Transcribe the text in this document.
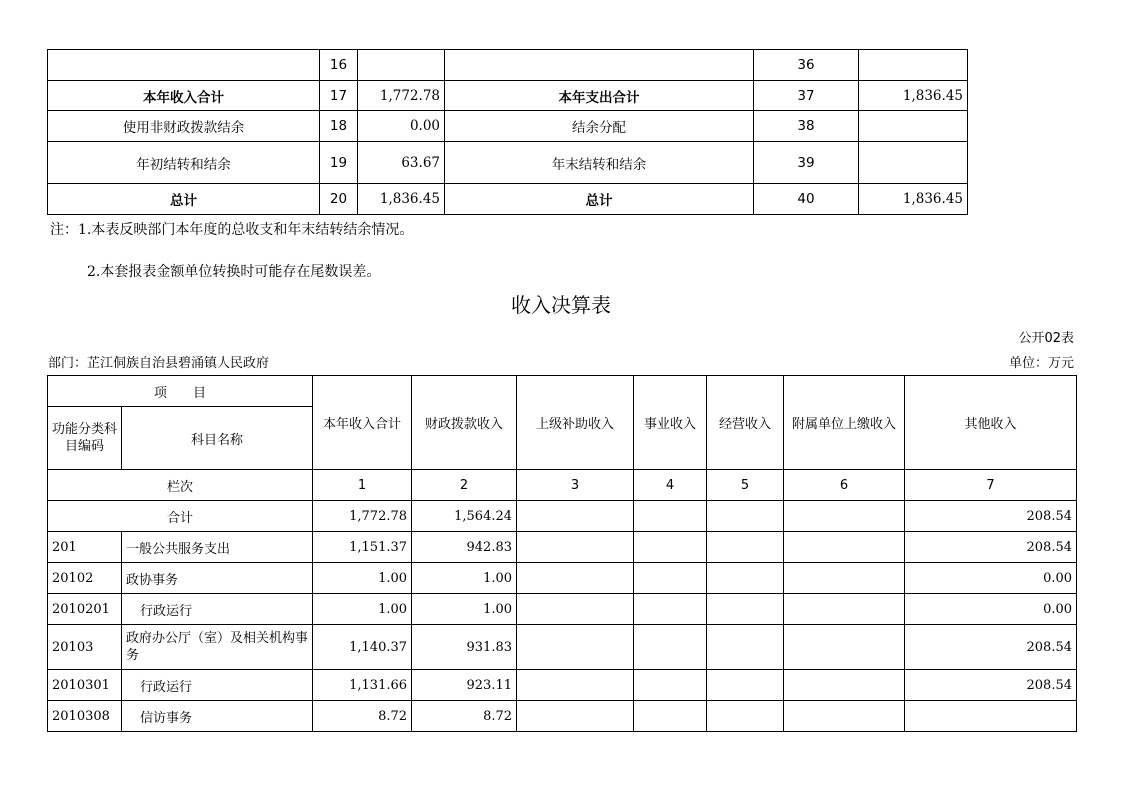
	16			36	
本年收入合计	17	1,772.78	本年支出合计	37	1,836.45
使用非财政拨款结余	18	0.00	结余分配	38	
年初结转和结余	19	63.67	年末结转和结余	39	
总计	20	1,836.45	总计	40	1,836.45
注：1.本表反映部门本年度的总收支和年末结转结余情况。
2.本套报表金额单位转换时可能存在尾数误差。
收入决算表
公开02表
部门：芷江侗族自治县碧涌镇人民政府	单位：万元
项　　目		本年收入合计	财政拨款收入	上级补助收入	事业收入	经营收入	附属单位上缴收入	其他收入
功能分类科目编码	科目名称							
栏次		1	2	3	4	5	6	7
合计		1,772.78	1,564.24					208.54
201	一般公共服务支出	1,151.37	942.83					208.54
20102	政协事务	1.00	1.00					0.00
2010201	行政运行	1.00	1.00					0.00
20103	政府办公厅（室）及相关机构事务	1,140.37	931.83					208.54
2010301	行政运行	1,131.66	923.11					208.54
2010308	信访事务	8.72	8.72					
